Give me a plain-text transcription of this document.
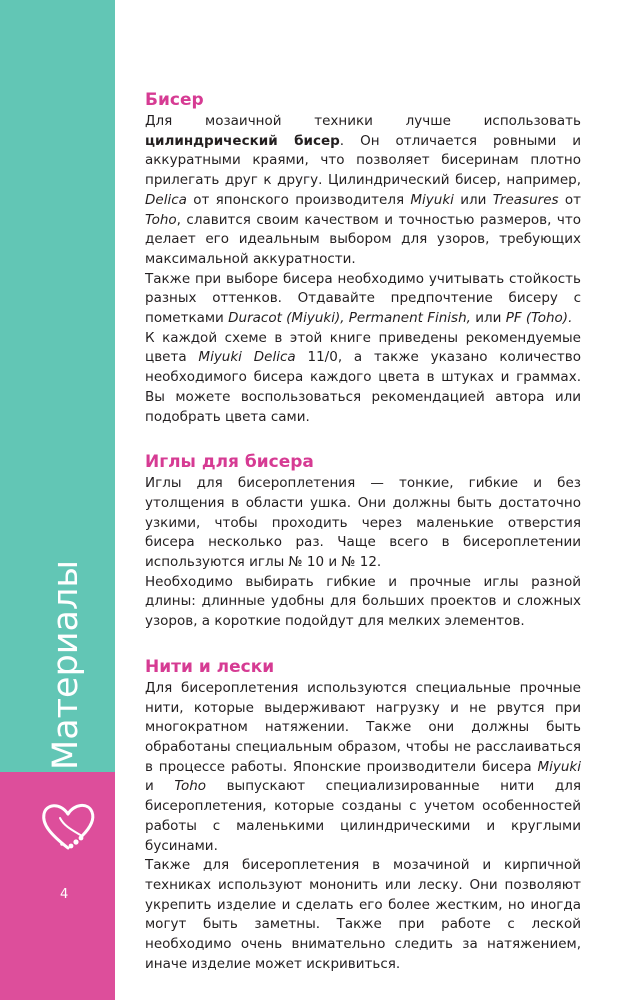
Материалы
4
Бисер

Для мозаичной техники лучше использовать цилиндрический бисер. Он отличается ровными и аккуратными краями, что позволяет бисеринам плотно прилегать друг к другу. Цилиндрический бисер, например, Delica от японского производителя Miyuki или Treasures от Toho, славится своим качеством и точностью размеров, что делает его идеальным выбором для узоров, требующих максимальной аккуратности.

Также при выборе бисера необходимо учитывать стойкость разных оттенков. Отдавайте предпочтение бисеру с пометками Duracot (Miyuki), Permanent Finish, или PF (Toho).

К каждой схеме в этой книге приведены рекомендуемые цвета Miyuki Delica 11/0, а также указано количество необходимого бисера каждого цвета в штуках и граммах. Вы можете воспользоваться рекомендацией автора или подобрать цвета сами.

Иглы для бисера

Иглы для бисероплетения — тонкие, гибкие и без утолщения в области ушка. Они должны быть достаточно узкими, чтобы проходить через маленькие отверстия бисера несколько раз. Чаще всего в бисероплетении используются иглы № 10 и № 12.

Необходимо выбирать гибкие и прочные иглы разной длины: длинные удобны для больших проектов и сложных узоров, а короткие подойдут для мелких элементов.

Нити и лески

Для бисероплетения используются специальные прочные нити, которые выдерживают нагрузку и не рвутся при многократном натяжении. Также они должны быть обработаны специальным образом, чтобы не расслаиваться в процессе работы. Японские производители бисера Miyuki и Toho выпускают специализированные нити для бисероплетения, которые созданы с учетом особенностей работы с маленькими цилиндрическими и круглыми бусинами.

Также для бисероплетения в мозачиной и кирпичной техниках используют мононить или леску. Они позволяют укрепить изделие и сделать его более жестким, но иногда могут быть заметны. Также при работе с леской необходимо очень внимательно следить за натяжением, иначе изделие может искривиться.
